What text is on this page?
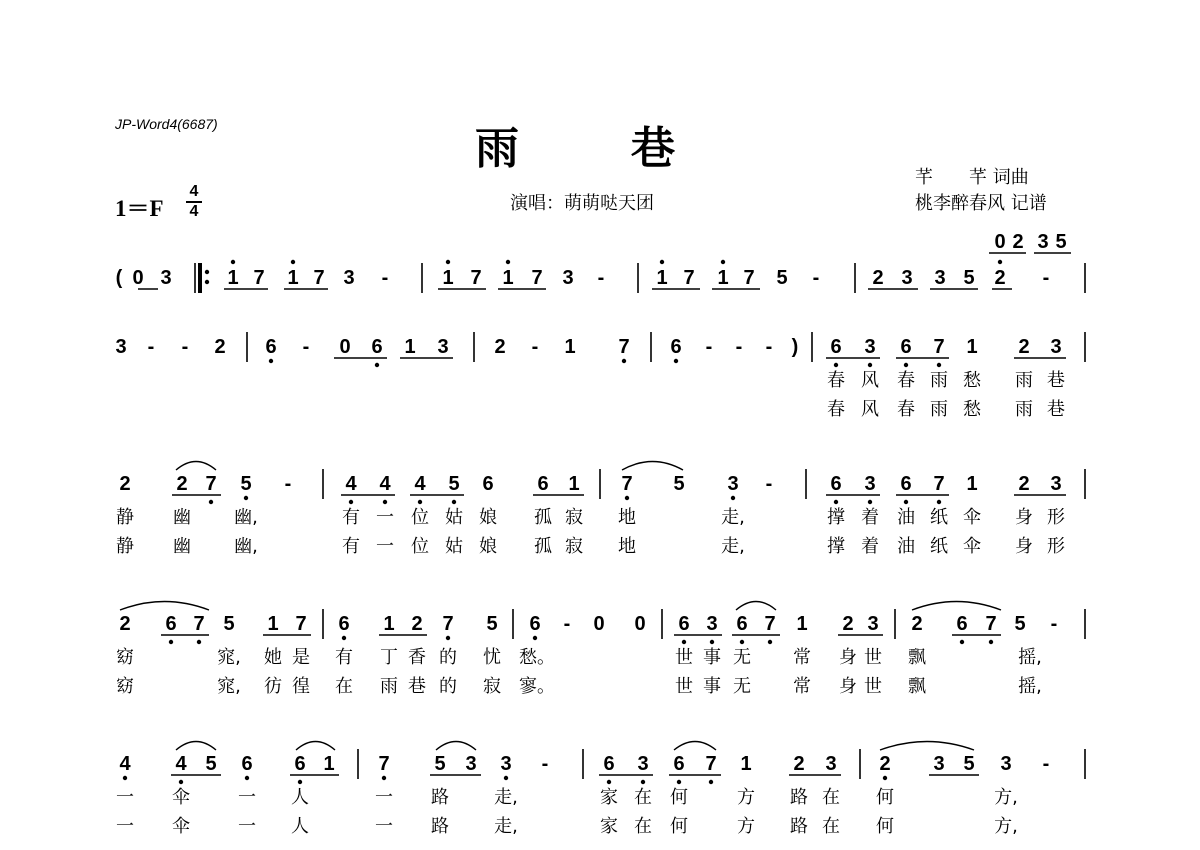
JP-Word4(6687)	雨	巷
1＝F
4
4	演唱：萌萌哒天团
芊　　芊 词曲
桃李醉春风 记谱
( 0 3	1 7 1 7 3 -	1 7 1 7 3 -	1 7 1 7 5 -	2 3 3 5 2 -
0 2 3 5
3 - - 2 6 - 0 6 1 3 2 - 1 7 6 - - - ) 6 3 6 7 1 2 3
春 风 春 雨 愁 雨 巷
春 风 春 雨 愁 雨 巷
2 2 7 5 -	4 4 4 5 6 6 1 7 5 3 -	6 3 6 7 1 2 3
静 幽 幽,	有 一 位 姑 娘 孤 寂 地	走,	撑 着 油 纸 伞 身 形
静 幽 幽,	有 一 位 姑 娘 孤 寂 地	走,	撑 着 油 纸 伞 身 形
2 6 7 5 1 7 6 1 2 7 5 6 - 0 0 6 3 6 7 1 2 3 2 6 7 5 -
窈	窕, 她 是 有 丁 香 的 忧 愁。	世 事 无 常 身 世 飘	摇,
窈	窕, 彷 徨 在 雨 巷 的 寂 寥。	世 事 无 常 身 世 飘	摇,
4 4 5 6 6 1 7 5 3 3 -	6 3 6 7 1 2 3 2 3 5 3 -
一 伞	一 人	一 路	走,	家 在 何	方 路 在 何	方,
一 伞	一 人	一 路	走,	家 在 何	方 路 在 何	方,
